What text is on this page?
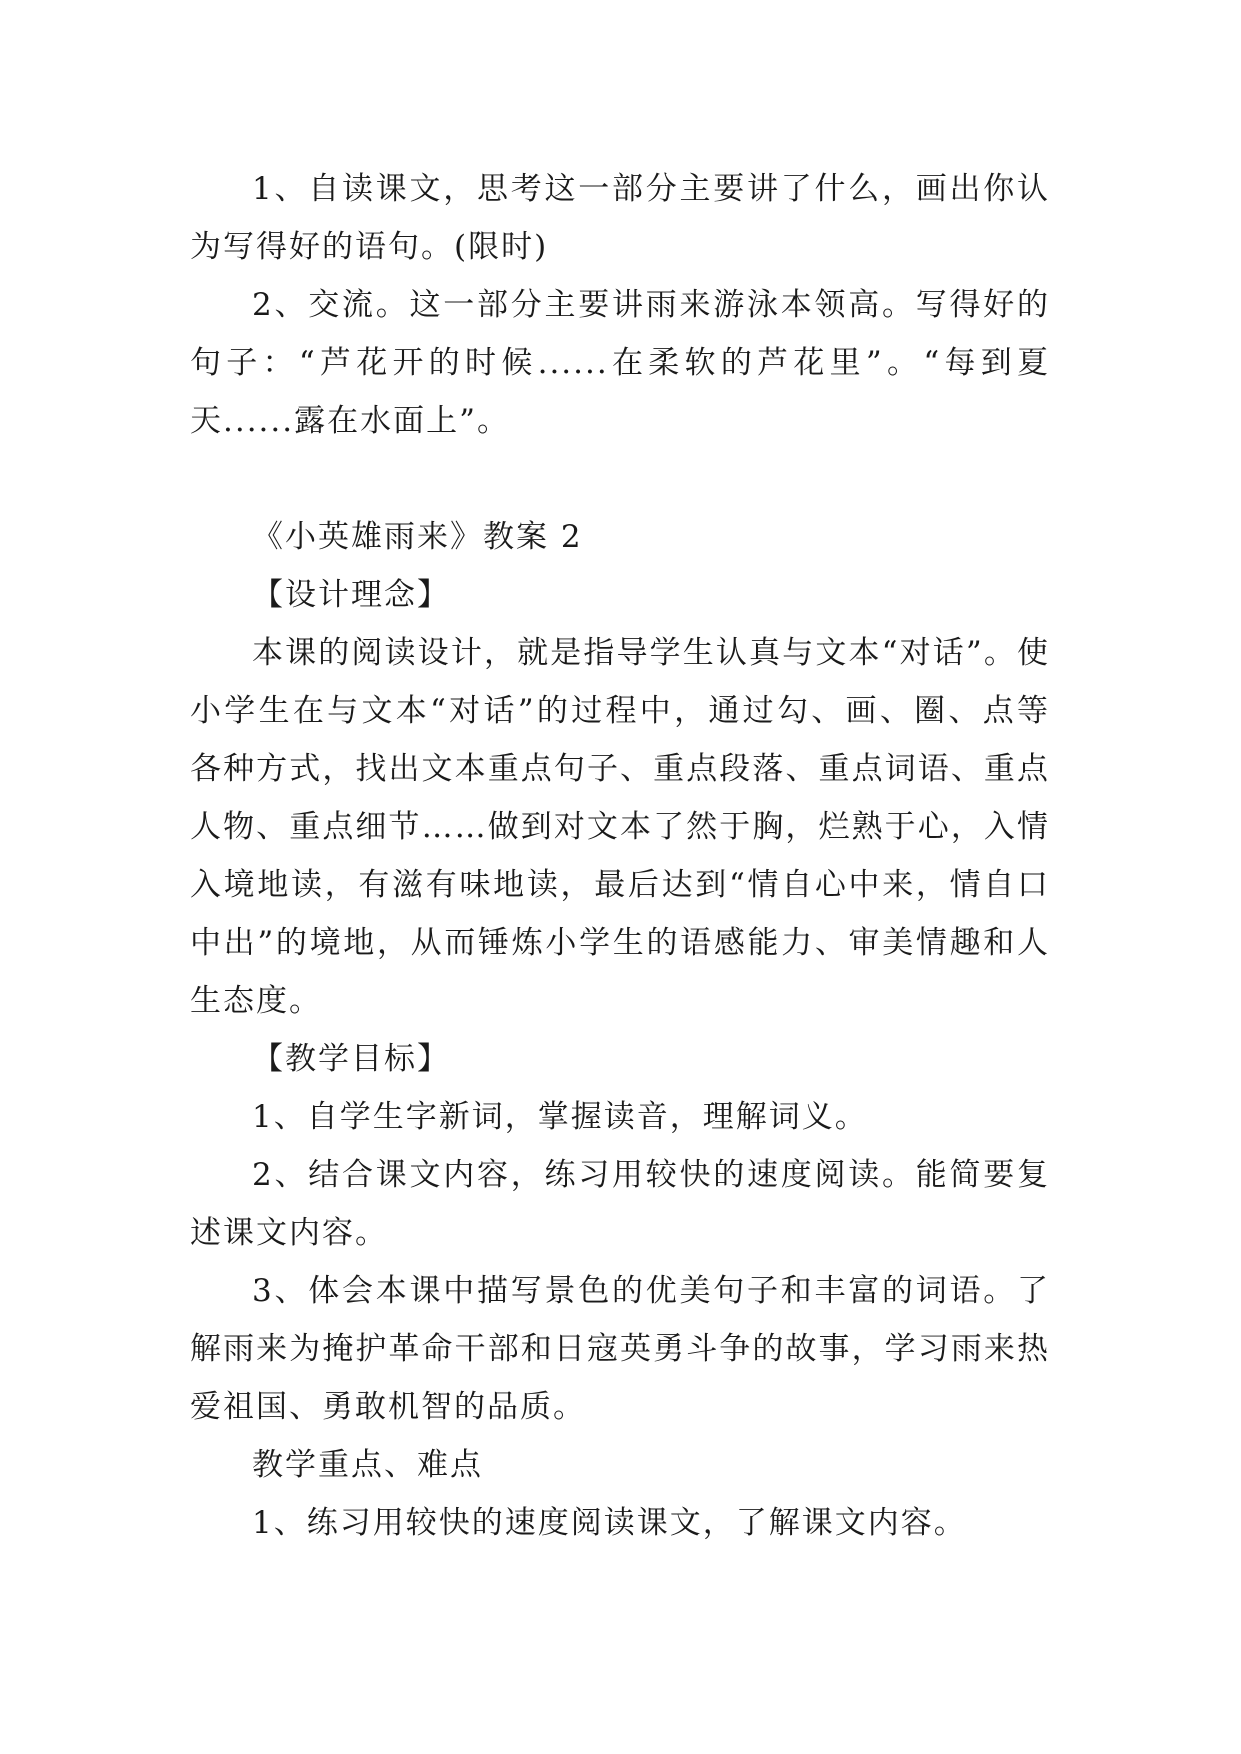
1、自读课文，思考这一部分主要讲了什么，画出你认为写得好的语句。(限时)

2、交流。这一部分主要讲雨来游泳本领高。写得好的句子：“芦花开的时候......在柔软的芦花里”。“每到夏天......露在水面上”。

《小英雄雨来》教案 2

【设计理念】

本课的阅读设计，就是指导学生认真与文本“对话”。使小学生在与文本“对话”的过程中，通过勾、画、圈、点等各种方式，找出文本重点句子、重点段落、重点词语、重点人物、重点细节……做到对文本了然于胸，烂熟于心，入情入境地读，有滋有味地读，最后达到“情自心中来，情自口中出”的境地，从而锤炼小学生的语感能力、审美情趣和人生态度。

【教学目标】

1、自学生字新词，掌握读音，理解词义。

2、结合课文内容，练习用较快的速度阅读。能简要复述课文内容。

3、体会本课中描写景色的优美句子和丰富的词语。了解雨来为掩护革命干部和日寇英勇斗争的故事，学习雨来热爱祖国、勇敢机智的品质。

教学重点、难点

1、练习用较快的速度阅读课文，了解课文内容。
